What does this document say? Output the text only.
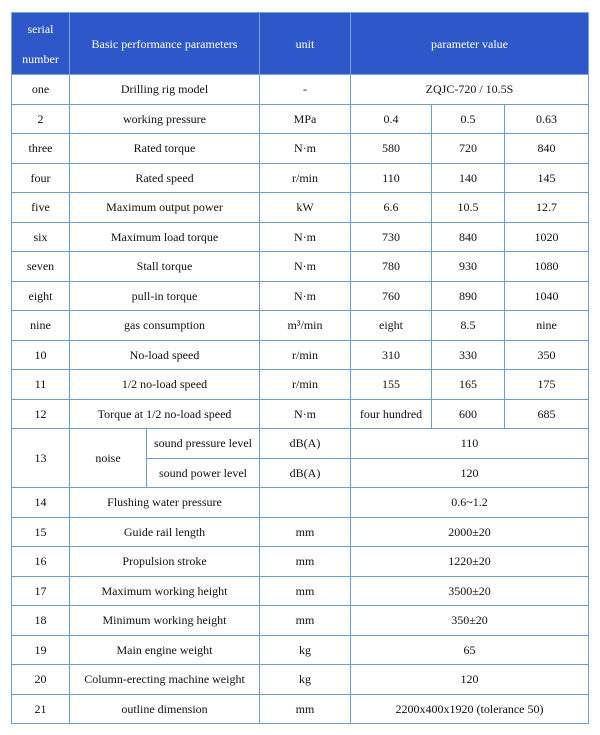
serial number	Basic performance parameters		unit	parameter value		
one	Drilling rig model		-	ZQJC-720 / 10.5S		
2	working pressure		MPa	0.4	0.5	0.63
three	Rated torque		N·m	580	720	840
four	Rated speed		r/min	110	140	145
five	Maximum output power		kW	6.6	10.5	12.7
six	Maximum load torque		N·m	730	840	1020
seven	Stall torque		N·m	780	930	1080
eight	pull-in torque		N·m	760	890	1040
nine	gas consumption		m³/min	eight	8.5	nine
10	No-load speed		r/min	310	330	350
11	1/2 no-load speed		r/min	155	165	175
12	Torque at 1/2 no-load speed		N·m	four hundred	600	685
13	noise	sound pressure level	dB(A)	110		
		sound power level	dB(A)	120		
14	Flushing water pressure			0.6~1.2		
15	Guide rail length		mm	2000±20		
16	Propulsion stroke		mm	1220±20		
17	Maximum working height		mm	3500±20		
18	Minimum working height		mm	350±20		
19	Main engine weight		kg	65		
20	Column-erecting machine weight		kg	120		
21	outline dimension		mm	2200x400x1920 (tolerance 50)		
